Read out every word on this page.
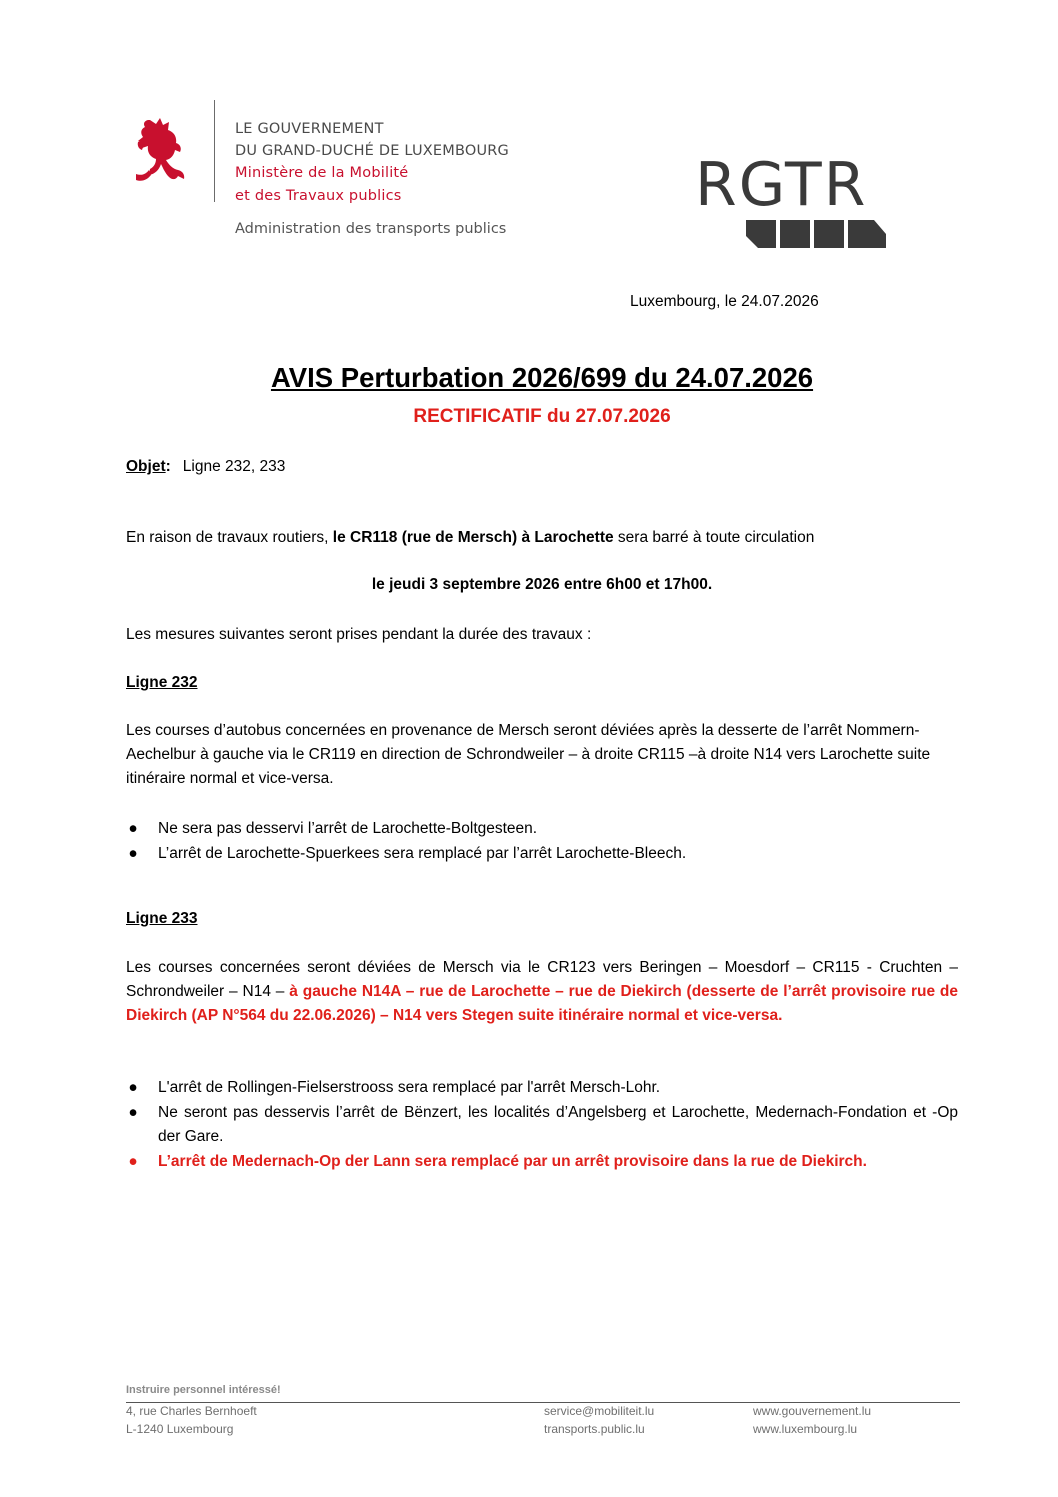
LE GOUVERNEMENT
DU GRAND-DUCHÉ DE LUXEMBOURG
Ministère de la Mobilité
et des Travaux publics
Administration des transports publics
RGTR
Luxembourg, le 24.07.2026
AVIS Perturbation 2026/699 du 24.07.2026
RECTIFICATIF du 27.07.2026
Objet: Ligne 232, 233
En raison de travaux routiers, le CR118 (rue de Mersch) à Larochette sera barré à toute circulation
le jeudi 3 septembre 2026 entre 6h00 et 17h00.
Les mesures suivantes seront prises pendant la durée des travaux :
Ligne 232
Les courses d’autobus concernées en provenance de Mersch seront déviées après la desserte de l’arrêt Nommern-Aechelbur à gauche via le CR119 en direction de Schrondweiler – à droite CR115 –à droite N14 vers Larochette suite itinéraire normal et vice-versa.
● Ne sera pas desservi l’arrêt de Larochette-Boltgesteen.
● L’arrêt de Larochette-Spuerkees sera remplacé par l’arrêt Larochette-Bleech.
Ligne 233
Les courses concernées seront déviées de Mersch via le CR123 vers Beringen – Moesdorf – CR115 - Cruchten – Schrondweiler – N14 – à gauche N14A – rue de Larochette – rue de Diekirch (desserte de l’arrêt provisoire rue de Diekirch (AP N°564 du 22.06.2026) – N14 vers Stegen suite itinéraire normal et vice-versa.
● L'arrêt de Rollingen-Fielserstrooss sera remplacé par l'arrêt Mersch-Lohr.
● Ne seront pas desservis l’arrêt de Bënzert, les localités d’Angelsberg et Larochette, Medernach-Fondation et -Op der Gare.
● L’arrêt de Medernach-Op der Lann sera remplacé par un arrêt provisoire dans la rue de Diekirch.
Instruire personnel intéressé!
4, rue Charles Bernhoeft
L-1240 Luxembourg
service@mobiliteit.lu
transports.public.lu
www.gouvernement.lu
www.luxembourg.lu
